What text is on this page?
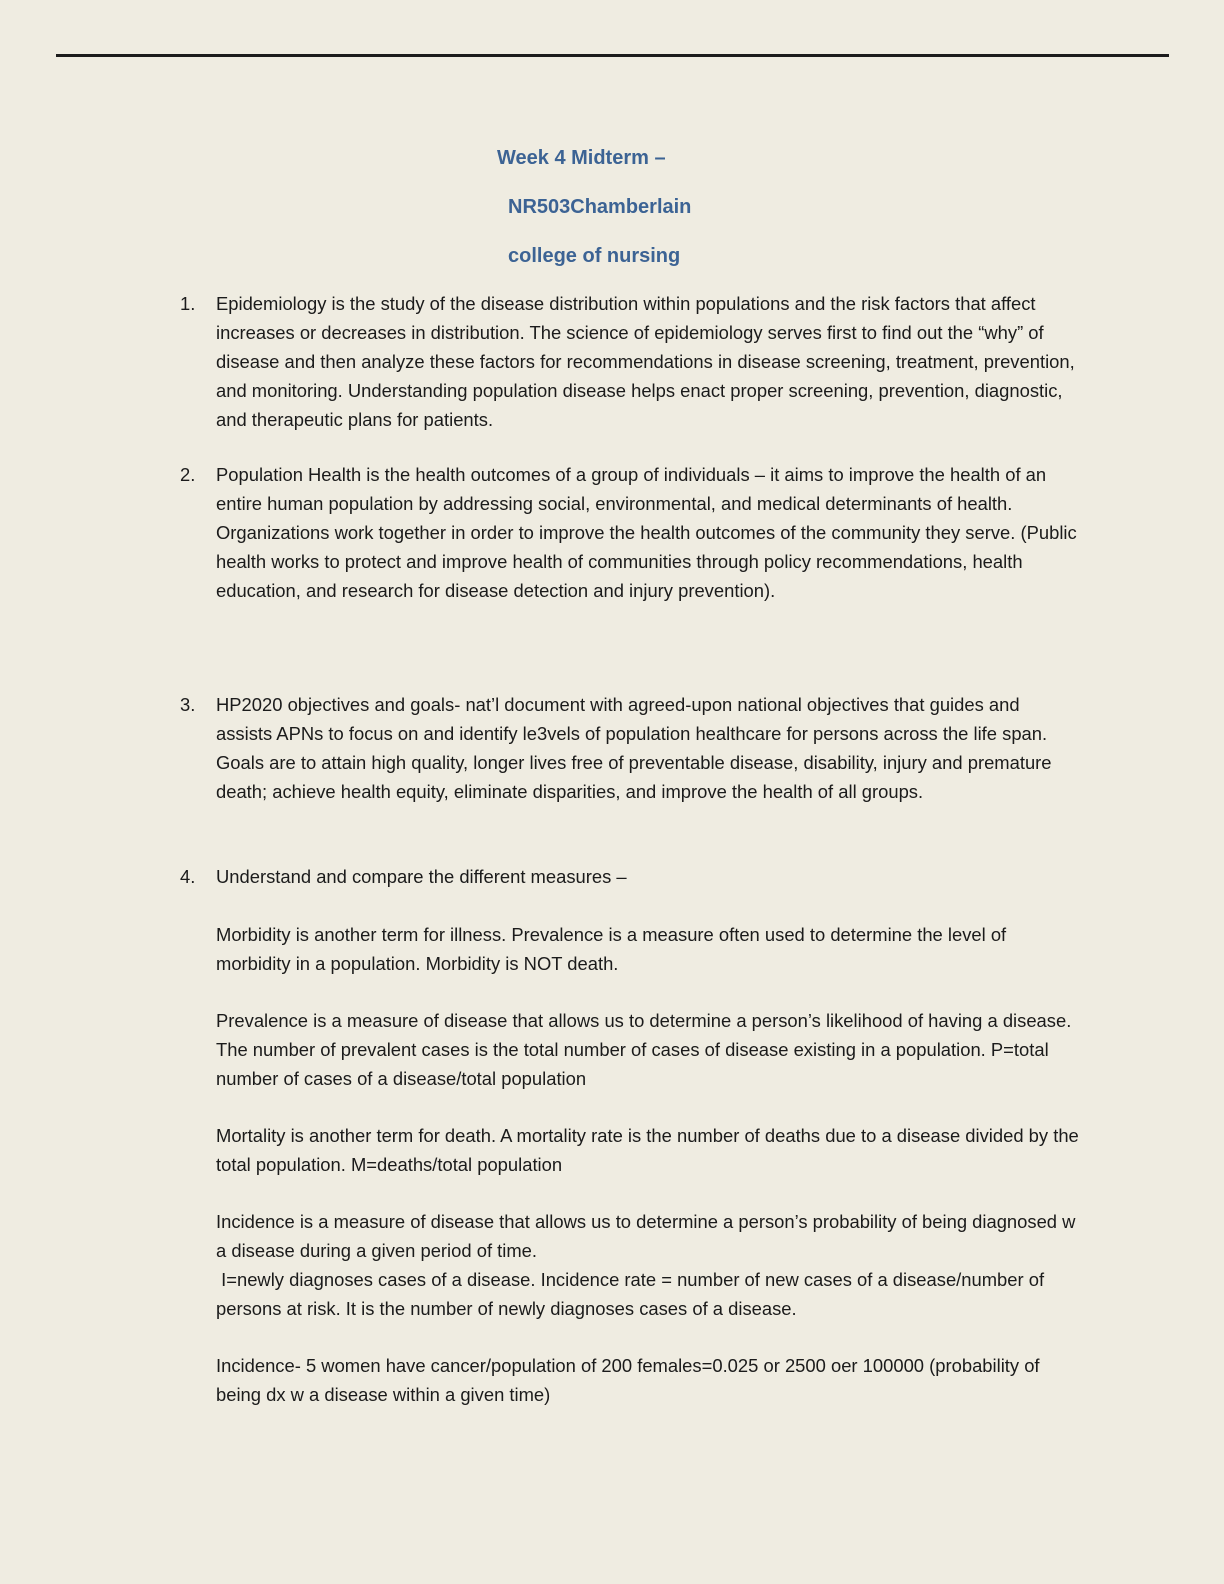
Week 4 Midterm –
NR503Chamberlain
college of nursing
1. Epidemiology is the study of the disease distribution within populations and the risk factors that affect increases or decreases in distribution. The science of epidemiology serves first to find out the “why” of disease and then analyze these factors for recommendations in disease screening, treatment, prevention, and monitoring. Understanding population disease helps enact proper screening, prevention, diagnostic, and therapeutic plans for patients.
2. Population Health is the health outcomes of a group of individuals – it aims to improve the health of an entire human population by addressing social, environmental, and medical determinants of health. Organizations work together in order to improve the health outcomes of the community they serve. (Public health works to protect and improve health of communities through policy recommendations, health education, and research for disease detection and injury prevention).
3. HP2020 objectives and goals- nat’l document with agreed-upon national objectives that guides and assists APNs to focus on and identify le3vels of population healthcare for persons across the life span. Goals are to attain high quality, longer lives free of preventable disease, disability, injury and premature death; achieve health equity, eliminate disparities, and improve the health of all groups.
4. Understand and compare the different measures –
Morbidity is another term for illness. Prevalence is a measure often used to determine the level of morbidity in a population. Morbidity is NOT death.
Prevalence is a measure of disease that allows us to determine a person’s likelihood of having a disease. The number of prevalent cases is the total number of cases of disease existing in a population. P=total number of cases of a disease/total population
Mortality is another term for death. A mortality rate is the number of deaths due to a disease divided by the total population. M=deaths/total population
Incidence is a measure of disease that allows us to determine a person’s probability of being diagnosed w a disease during a given period of time.
I=newly diagnoses cases of a disease. Incidence rate = number of new cases of a disease/number of persons at risk. It is the number of newly diagnoses cases of a disease.
Incidence- 5 women have cancer/population of 200 females=0.025 or 2500 oer 100000 (probability of being dx w a disease within a given time)
